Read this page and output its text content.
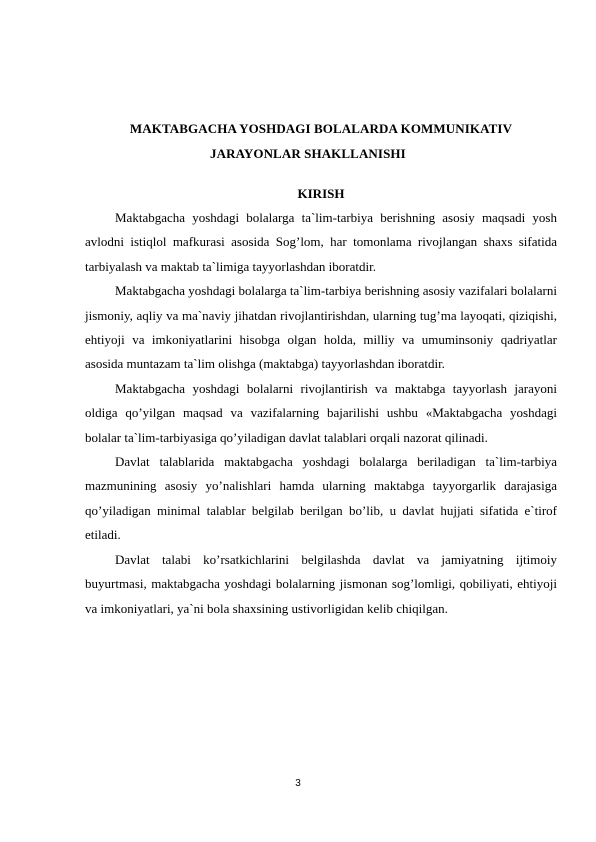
MAKTABGACHA YOSHDAGI BOLALARDA KOMMUNIKATIV
JARAYONLAR SHAKLLANISHI
KIRISH

Maktabgacha yoshdagi bolalarga ta`lim-tarbiya berishning asosiy maqsadi yosh avlodni istiqlol mafkurasi asosida Sog’lom, har tomonlama rivojlangan shaxs sifatida tarbiyalash va maktab ta`limiga tayyorlashdan iboratdir.

Maktabgacha yoshdagi bolalarga ta`lim-tarbiya berishning asosiy vazifalari bolalarni jismoniy, aqliy va ma`naviy jihatdan rivojlantirishdan, ularning tug’ma layoqati, qiziqishi, ehtiyoji va imkoniyatlarini hisobga olgan holda, milliy va umuminsoniy qadriyatlar asosida muntazam ta`lim olishga (maktabga) tayyorlashdan iboratdir.

Maktabgacha yoshdagi bolalarni rivojlantirish va maktabga tayyorlash jarayoni oldiga qo’yilgan maqsad va vazifalarning bajarilishi ushbu «Maktabgacha yoshdagi bolalar ta`lim-tarbiyasiga qo’yiladigan davlat talablari orqali nazorat qilinadi.

Davlat talablarida maktabgacha yoshdagi bolalarga beriladigan ta`lim-tarbiya mazmunining asosiy yo’nalishlari hamda ularning maktabga tayyorgarlik darajasiga qo’yiladigan minimal talablar belgilab berilgan bo’lib, u davlat hujjati sifatida e`tirof etiladi.

Davlat talabi ko’rsatkichlarini belgilashda davlat va jamiyatning ijtimoiy buyurtmasi, maktabgacha yoshdagi bolalarning jismonan sog’lomligi, qobiliyati, ehtiyoji va imkoniyatlari, ya`ni bola shaxsining ustivorligidan kelib chiqilgan.

3
